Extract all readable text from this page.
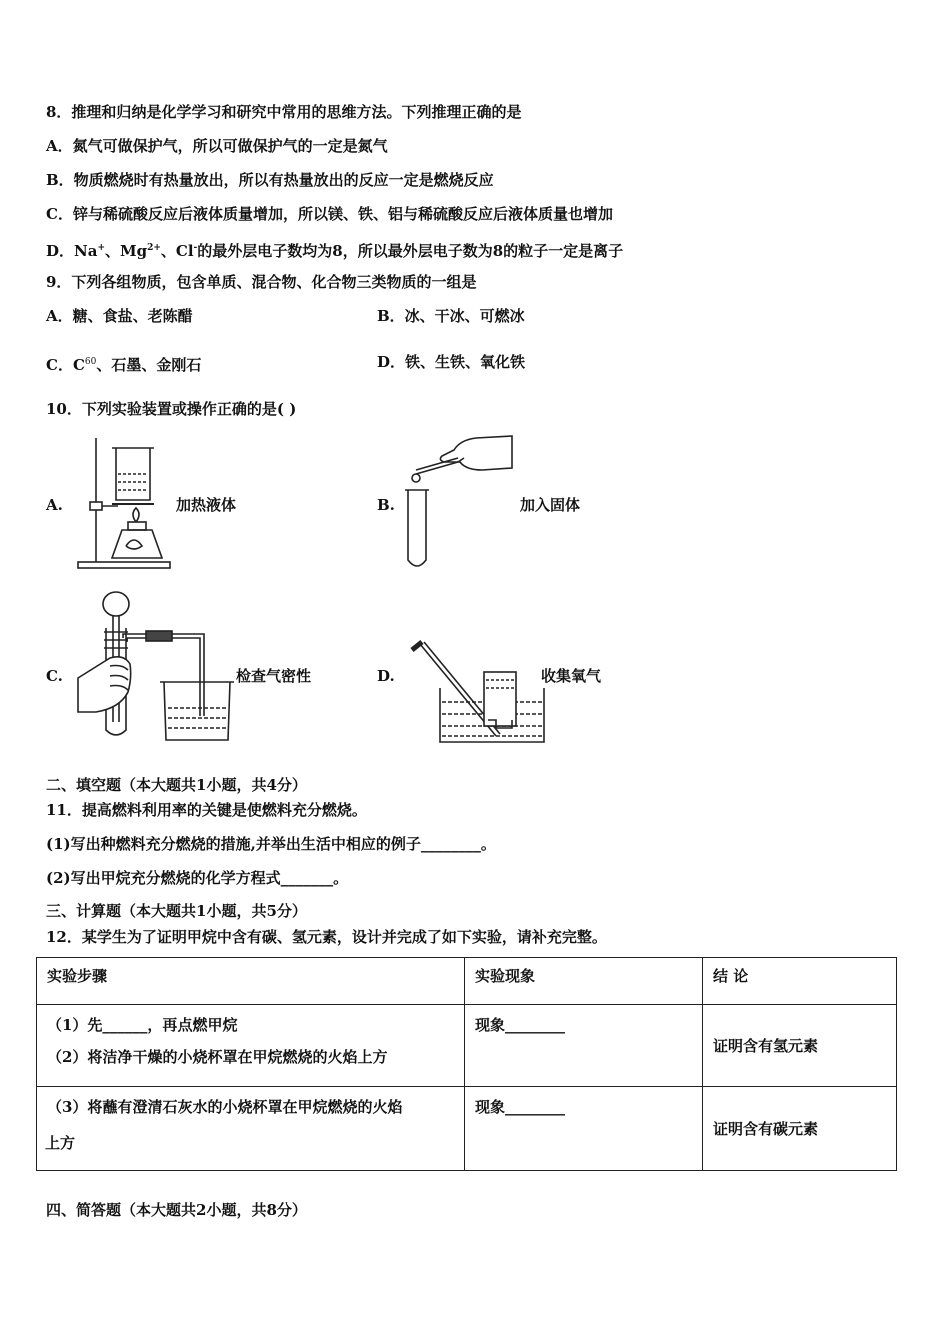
8．推理和归纳是化学学习和研究中常用的思维方法。下列推理正确的是
A．氮气可做保护气，所以可做保护气的一定是氮气
B．物质燃烧时有热量放出，所以有热量放出的反应一定是燃烧反应
C．锌与稀硫酸反应后液体质量增加，所以镁、铁、铝与稀硫酸反应后液体质量也增加
D．Na+、$Mg^{2+}$、Cl-的最外层电子数均为8，所以最外层电子数为8的粒子一定是离子
9．下列各组物质，包含单质、混合物、化合物三类物质的一组是
A．糖、食盐、老陈醋	B．冰、干冰、可燃冰
C．$C^{60}$、石墨、金刚石	D．铁、生铁、氧化铁
10．下列实验装置或操作正确的是( )
A.	加热液体	B.	加入固体
C.	检查气密性	D.	收集氧气
二、填空题（本大题共1小题，共4分）
11．提高燃料利用率的关键是使燃料充分燃烧。
(1)写出种燃料充分燃烧的措施,并举出生活中相应的例子________。
(2)写出甲烷充分燃烧的化学方程式_______。
三、计算题（本大题共1小题，共5分）
12．某学生为了证明甲烷中含有碳、氢元素，设计并完成了如下实验，请补充完整。
实验步骤	实验现象	结 论

（1）先______，再点燃甲烷
（2）将洁净干燥的小烧杯罩在甲烷燃烧的火焰上方	现象________	证明含有氢元素

（3）将蘸有澄清石灰水的小烧杯罩在甲烷燃烧的火焰
上方	现象________	证明含有碳元素
四、简答题（本大题共2小题，共8分）
